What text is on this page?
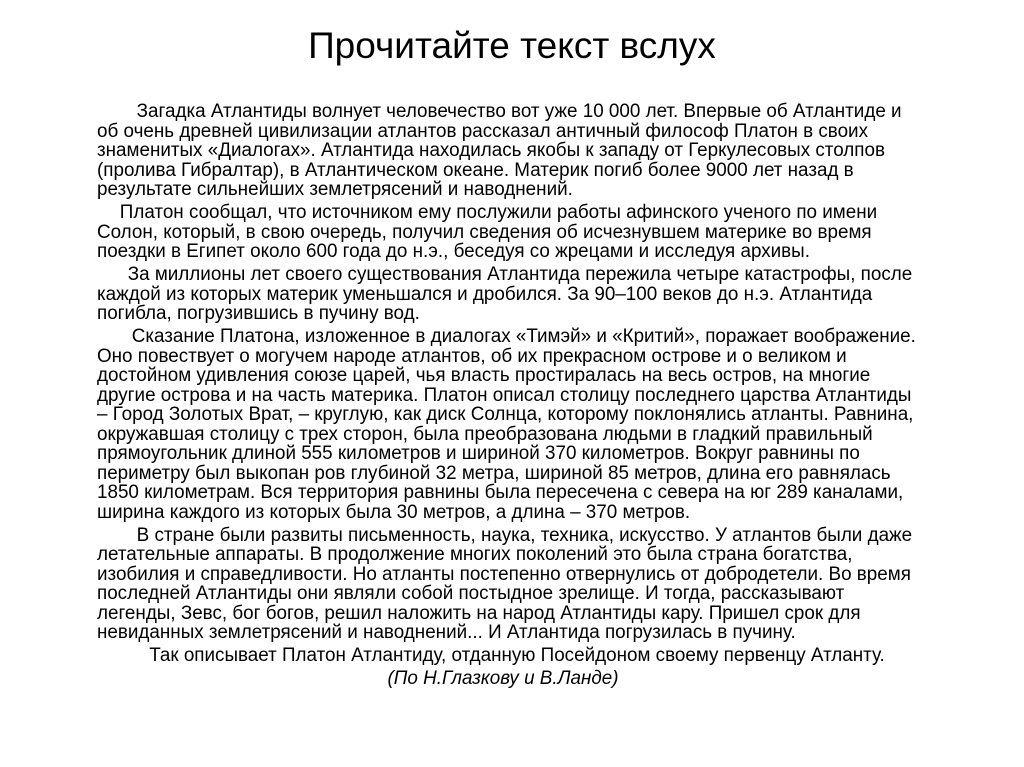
Прочитайте текст вслух
Загадка Атлантиды волнует человечество вот уже 10 000 лет. Впервые об Атлантиде и
об очень древней цивилизации атлантов рассказал античный философ Платон в своих
знаменитых «Диалогах». Атлантида находилась якобы к западу от Геркулесовых столпов
(пролива Гибралтар), в Атлантическом океане. Материк погиб более 9000 лет назад в
результате сильнейших землетрясений и наводнений.
Платон сообщал, что источником ему послужили работы афинского ученого по имени
Солон, который, в свою очередь, получил сведения об исчезнувшем материке во время
поездки в Египет около 600 года до н.э., беседуя со жрецами и исследуя архивы.
За миллионы лет своего существования Атлантида пережила четыре катастрофы, после
каждой из которых материк уменьшался и дробился. За 90–100 веков до н.э. Атлантида
погибла, погрузившись в пучину вод.
Сказание Платона, изложенное в диалогах «Тимэй» и «Критий», поражает воображение.
Оно повествует о могучем народе атлантов, об их прекрасном острове и о великом и
достойном удивления союзе царей, чья власть простиралась на весь остров, на многие
другие острова и на часть материка. Платон описал столицу последнего царства Атлантиды
– Город Золотых Врат, – круглую, как диск Солнца, которому поклонялись атланты. Равнина,
окружавшая столицу с трех сторон, была преобразована людьми в гладкий правильный
прямоугольник длиной 555 километров и шириной 370 километров. Вокруг равнины по
периметру был выкопан ров глубиной 32 метра, шириной 85 метров, длина его равнялась
1850 километрам. Вся территория равнины была пересечена с севера на юг 289 каналами,
ширина каждого из которых была 30 метров, а длина – 370 метров.
В стране были развиты письменность, наука, техника, искусство. У атлантов были даже
летательные аппараты. В продолжение многих поколений это была страна богатства,
изобилия и справедливости. Но атланты постепенно отвернулись от добродетели. Во время
последней Атлантиды они являли собой постыдное зрелище. И тогда, рассказывают
легенды, Зевс, бог богов, решил наложить на народ Атлантиды кару. Пришел срок для
невиданных землетрясений и наводнений... И Атлантида погрузилась в пучину.
Так описывает Платон Атлантиду, отданную Посейдоном своему первенцу Атланту.
(По Н.Глазкову и В.Ланде)
